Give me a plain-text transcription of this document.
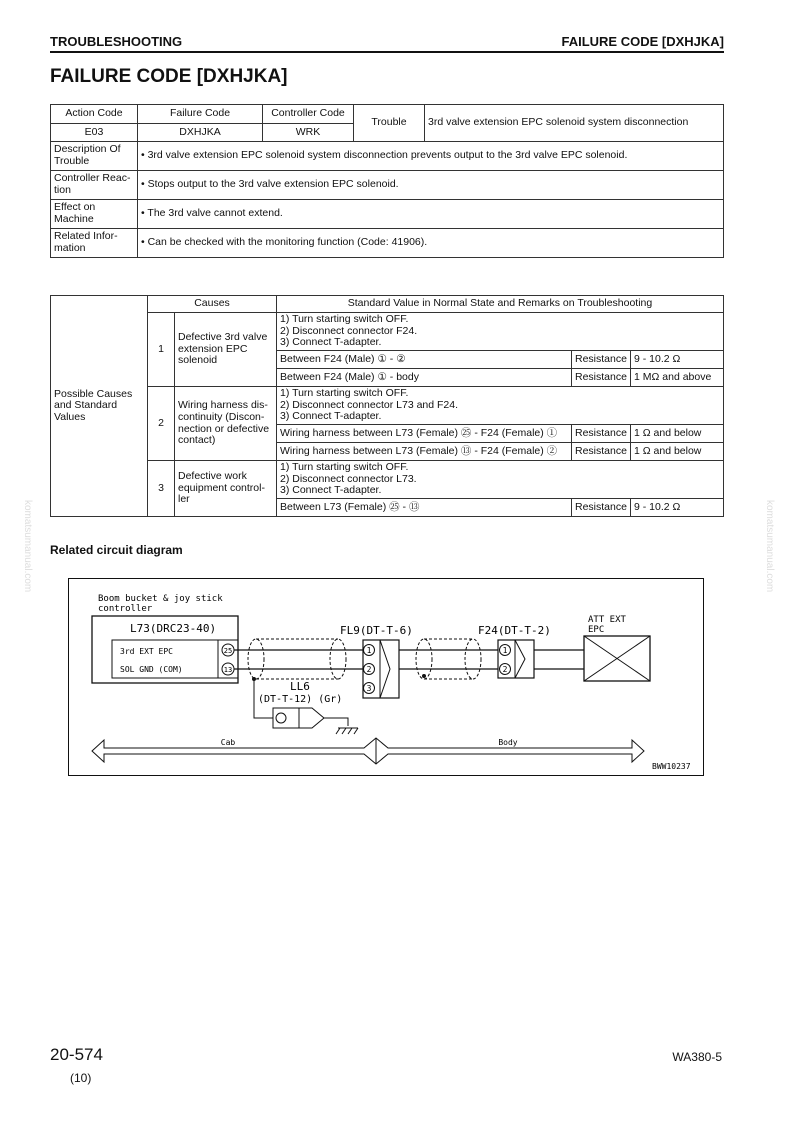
TROUBLESHOOTING	FAILURE CODE [DXHJKA]
FAILURE CODE [DXHJKA]
Action Code	Failure Code	Controller Code	Trouble	3rd valve extension EPC solenoid system disconnection
E03	DXHJKA	WRK		
Description Of Trouble	• 3rd valve extension EPC solenoid system disconnection prevents output to the 3rd valve EPC solenoid.			
Controller Reac-tion	• Stops output to the 3rd valve extension EPC solenoid.			
Effect on Machine	• The 3rd valve cannot extend.			
Related Infor-mation	• Can be checked with the monitoring function (Code: 41906).			
Possible Causes and Standard Values	Causes		Standard Value in Normal State and Remarks on Troubleshooting		
	1	Defective 3rd valve extension EPC solenoid	1) Turn starting switch OFF.
2) Disconnect connector F24.
3) Connect T-adapter.		
			Between F24 (Male) ① - ②	Resistance	9 - 10.2 Ω
			Between F24 (Male) ① - body	Resistance	1 MΩ and above
	2	Wiring harness dis-continuity (Discon-nection or defective contact)	1) Turn starting switch OFF.
2) Disconnect connector L73 and F24.
3) Connect T-adapter.		
			Wiring harness between L73 (Female) ㉕ - F24 (Female) ①	Resistance	1 Ω and below
			Wiring harness between L73 (Female) ⑬ - F24 (Female) ②	Resistance	1 Ω and below
	3	Defective work equipment control-ler	1) Turn starting switch OFF.
2) Disconnect connector L73.
3) Connect T-adapter.		
			Between L73 (Female) ㉕ - ⑬	Resistance	9 - 10.2 Ω
Related circuit diagram
Boom bucket & joy stick
controller
L73(DRC23-40)
3rd EXT EPC
SOL GND (COM)
25
13
LL6
(DT-T-12) (Gr)
FL9(DT-T-6)
1
2
3
F24(DT-T-2)
1
2
ATT EXT
EPC
Cab	Body
BWW10237
komatsumanual.com	komatsumanual.com
20-574
(10)
WA380-5
